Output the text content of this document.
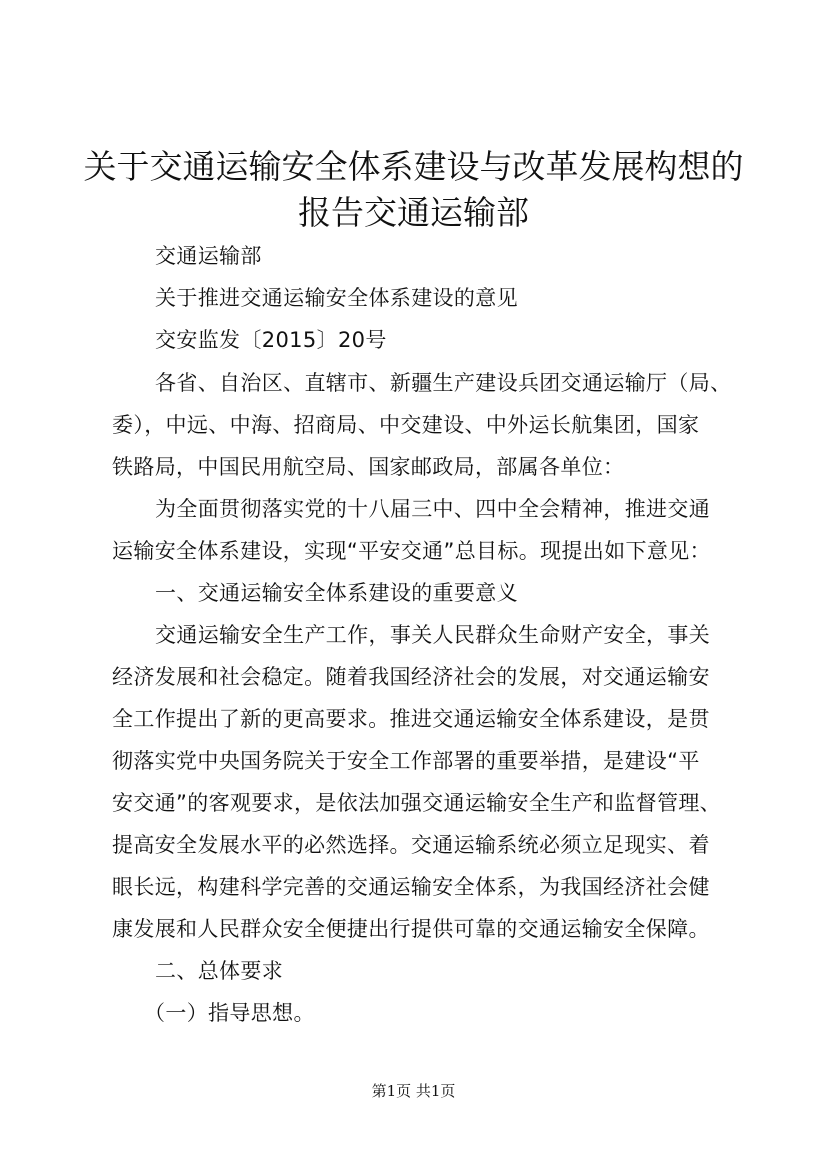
关于交通运输安全体系建设与改革发展构想的
报告交通运输部
交通运输部
关于推进交通运输安全体系建设的意见
交安监发〔2015〕20号
各省、自治区、直辖市、新疆生产建设兵团交通运输厅（局、
委），中远、中海、招商局、中交建设、中外运长航集团，国家
铁路局，中国民用航空局、国家邮政局，部属各单位：
为全面贯彻落实党的十八届三中、四中全会精神，推进交通
运输安全体系建设，实现“平安交通”总目标。现提出如下意见：
一、交通运输安全体系建设的重要意义
交通运输安全生产工作，事关人民群众生命财产安全，事关
经济发展和社会稳定。随着我国经济社会的发展，对交通运输安
全工作提出了新的更高要求。推进交通运输安全体系建设，是贯
彻落实党中央国务院关于安全工作部署的重要举措，是建设“平
安交通”的客观要求，是依法加强交通运输安全生产和监督管理、
提高安全发展水平的必然选择。交通运输系统必须立足现实、着
眼长远，构建科学完善的交通运输安全体系，为我国经济社会健
康发展和人民群众安全便捷出行提供可靠的交通运输安全保障。
二、总体要求
（一）指导思想。
第1页 共1页
